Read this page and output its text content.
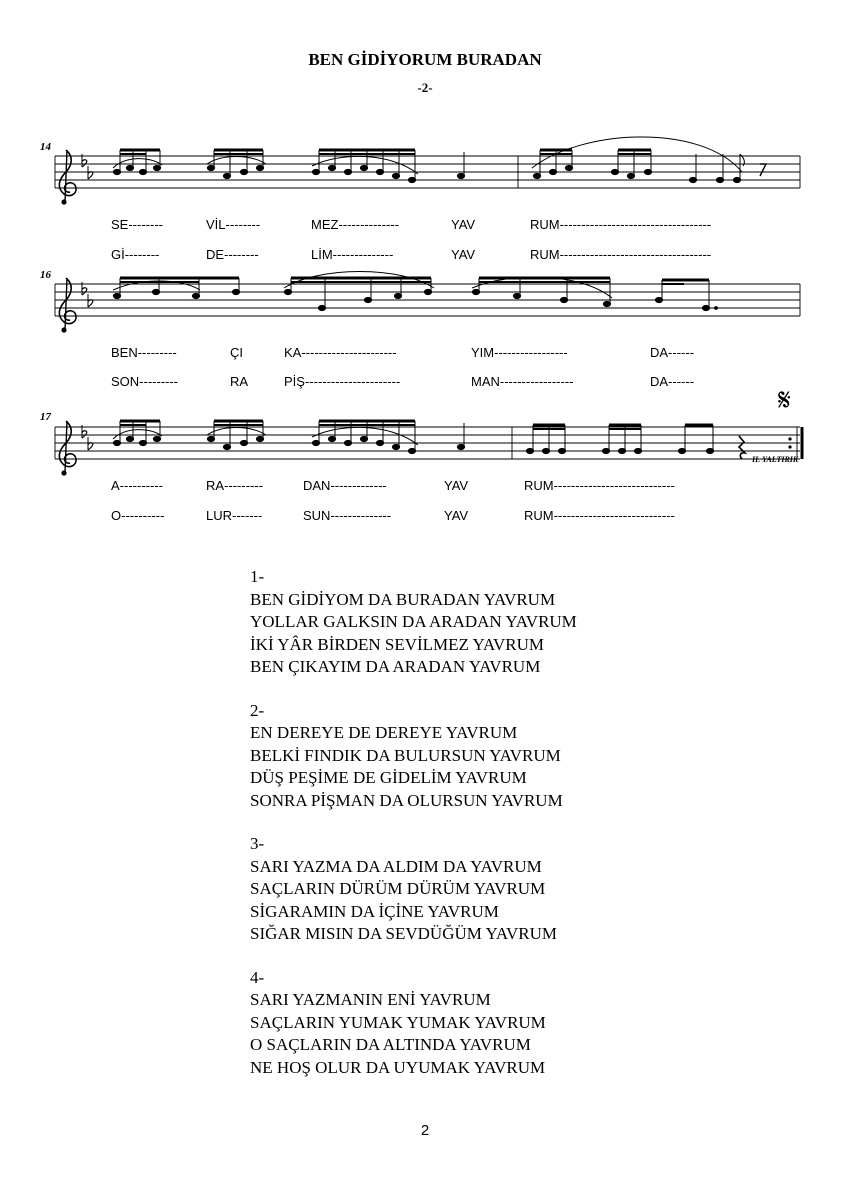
BEN GİDİYORUM BURADAN
-2-
14
16
17	𝄋
SE--------	VİL--------	MEZ--------------	YAV	RUM-----------------------------------
Gİ--------	DE--------	LİM--------------	YAV	RUM-----------------------------------
BEN---------	ÇI	KA----------------------	YIM-----------------	DA------
SON---------	RA	PİŞ----------------------	MAN-----------------	DA------
A----------	RA---------	DAN-------------	YAV	RUM----------------------------
O----------	LUR-------	SUN--------------	YAV	RUM----------------------------
H. YALTIRIK
1-
BEN GİDİYOM DA BURADAN YAVRUM
YOLLAR GALKSIN DA ARADAN YAVRUM
İKİ YÂR BİRDEN SEVİLMEZ YAVRUM
BEN ÇIKAYIM DA ARADAN YAVRUM
2-
EN DEREYE DE DEREYE YAVRUM
BELKİ FINDIK DA BULURSUN YAVRUM
DÜŞ PEŞİME DE GİDELİM YAVRUM
SONRA PİŞMAN DA OLURSUN YAVRUM
3-
SARI YAZMA DA ALDIM DA YAVRUM
SAÇLARIN DÜRÜM DÜRÜM YAVRUM
SİGARAMIN DA İÇİNE YAVRUM
SIĞAR MISIN DA SEVDÜĞÜM YAVRUM
4-
SARI YAZMANIN ENİ YAVRUM
SAÇLARIN YUMAK YUMAK YAVRUM
O SAÇLARIN DA ALTINDA YAVRUM
NE HOŞ OLUR DA UYUMAK YAVRUM
2
